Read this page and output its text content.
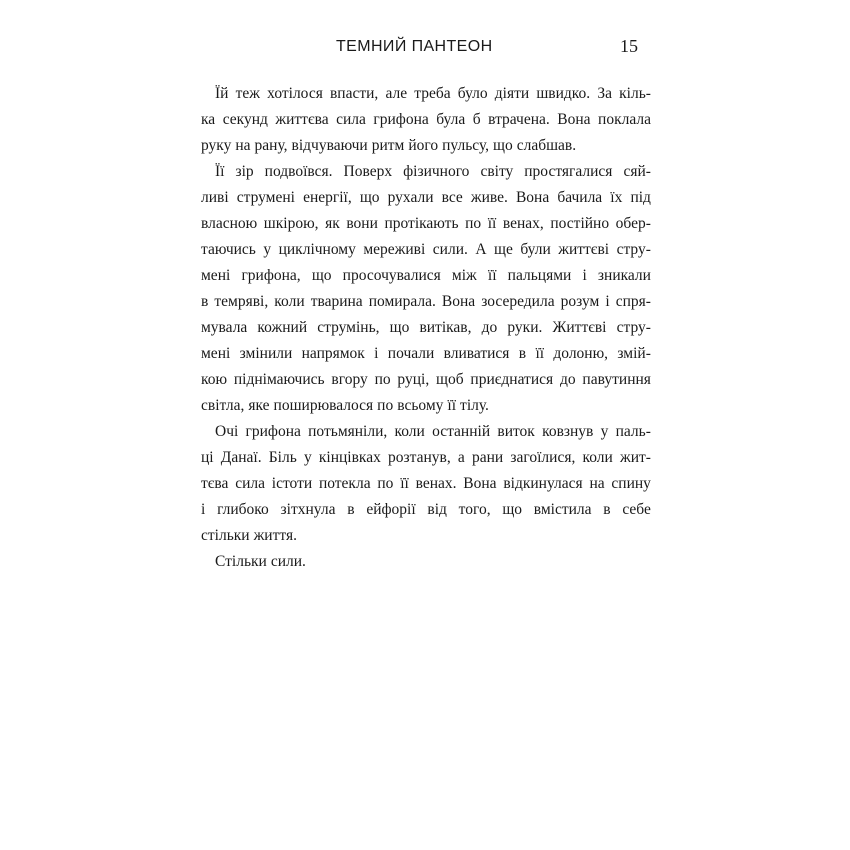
ТЕМНИЙ ПАНТЕОН	15
Їй теж хотілося впасти, але треба було діяти швидко. За кіль-
ка секунд життєва сила грифона була б втрачена. Вона поклала
руку на рану, відчуваючи ритм його пульсу, що слабшав.
Її зір подвоївся. Поверх фізичного світу простягалися сяй-
ливі струмені енергії, що рухали все живе. Вона бачила їх під
власною шкірою, як вони протікають по її венах, постійно обер-
таючись у циклічному мереживі сили. А ще були життєві стру-
мені грифона, що просочувалися між її пальцями і зникали
в темряві, коли тварина помирала. Вона зосередила розум і спря-
мувала кожний струмінь, що витікав, до руки. Життєві стру-
мені змінили напрямок і почали вливатися в її долоню, змій-
кою піднімаючись вгору по руці, щоб приєднатися до павутиння
світла, яке поширювалося по всьому її тілу.
Очі грифона потьмяніли, коли останній виток ковзнув у паль-
ці Данаї. Біль у кінцівках розтанув, а рани загоїлися, коли жит-
тєва сила істоти потекла по її венах. Вона відкинулася на спину
і глибоко зітхнула в ейфорії від того, що вмістила в себе
стільки життя.
Стільки сили.
